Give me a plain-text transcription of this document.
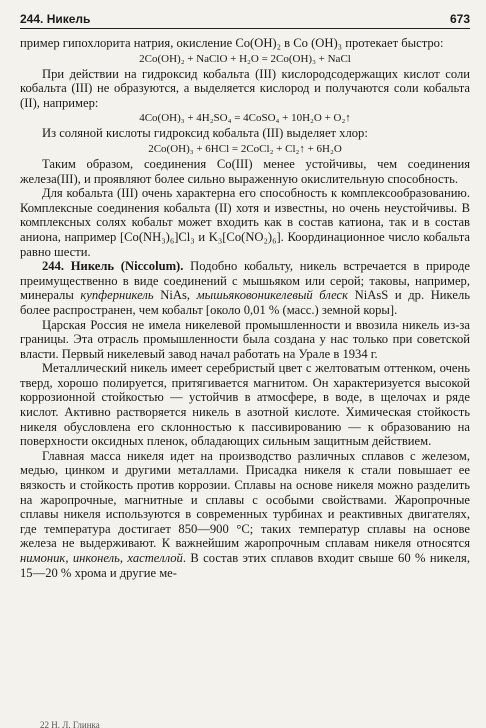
244. Никель	673

пример гипохлорита натрия, окисление Co(OH)₂ в Co (OH)₃ протекает быстро:

2Co(OH)₂ + NaClO + H₂O = 2Co(OH)₃ + NaCl

При действии на гидроксид кобальта (III) кислородсодержащих кислот соли кобальта (III) не образуются, а выделяется кислород и получаются соли кобальта (II), например:

4Co(OH)₃ + 4H₂SO₄ = 4CoSO₄ + 10H₂O + O₂↑

Из соляной кислоты гидроксид кобальта (III) выделяет хлор:

2Co(OH)₃ + 6HCl = 2CoCl₂ + Cl₂↑ + 6H₂O

Таким образом, соединения Co(III) менее устойчивы, чем соединения железа(III), и проявляют более сильно выраженную окислительную способность.

Для кобальта (III) очень характерна его способность к комплексообразованию. Комплексные соединения кобальта (II) хотя и известны, но очень неустойчивы. В комплексных солях кобальт может входить как в состав катиона, так и в состав аниона, например [Co(NH₃)₆]Cl₃ и K₃[Co(NO₂)₆]. Координационное число кобальта равно шести.

244. Никель (Niccolum). Подобно кобальту, никель встречается в природе преимущественно в виде соединений с мышьяком или серой; таковы, например, минералы купферникель NiAs, мышьяковоникелевый блеск NiAsS и др. Никель более распространен, чем кобальт [около 0,01 % (масс.) земной коры].

Царская Россия не имела никелевой промышленности и ввозила никель из-за границы. Эта отрасль промышленности была создана у нас только при советской власти. Первый никелевый завод начал работать на Урале в 1934 г.

Металлический никель имеет серебристый цвет с желтоватым оттенком, очень тверд, хорошо полируется, притягивается магнитом. Он характеризуется высокой коррозионной стойкостью — устойчив в атмосфере, в воде, в щелочах и ряде кислот. Активно растворяется никель в азотной кислоте. Химическая стойкость никеля обусловлена его склонностью к пассивированию — к образованию на поверхности оксидных пленок, обладающих сильным защитным действием.

Главная масса никеля идет на производство различных сплавов с железом, медью, цинком и другими металлами. Присадка никеля к стали повышает ее вязкость и стойкость против коррозии. Сплавы на основе никеля можно разделить на жаропрочные, магнитные и сплавы с особыми свойствами. Жаропрочные сплавы никеля используются в современных турбинах и реактивных двигателях, где температура достигает 850—900 °С; таких температур сплавы на основе железа не выдерживают. К важнейшим жаропрочным сплавам никеля относятся нимоник, инконель, хастеллой. В состав этих сплавов входит свыше 60 % никеля, 15—20 % хрома и другие ме-

22 Н. Л. Глинка
